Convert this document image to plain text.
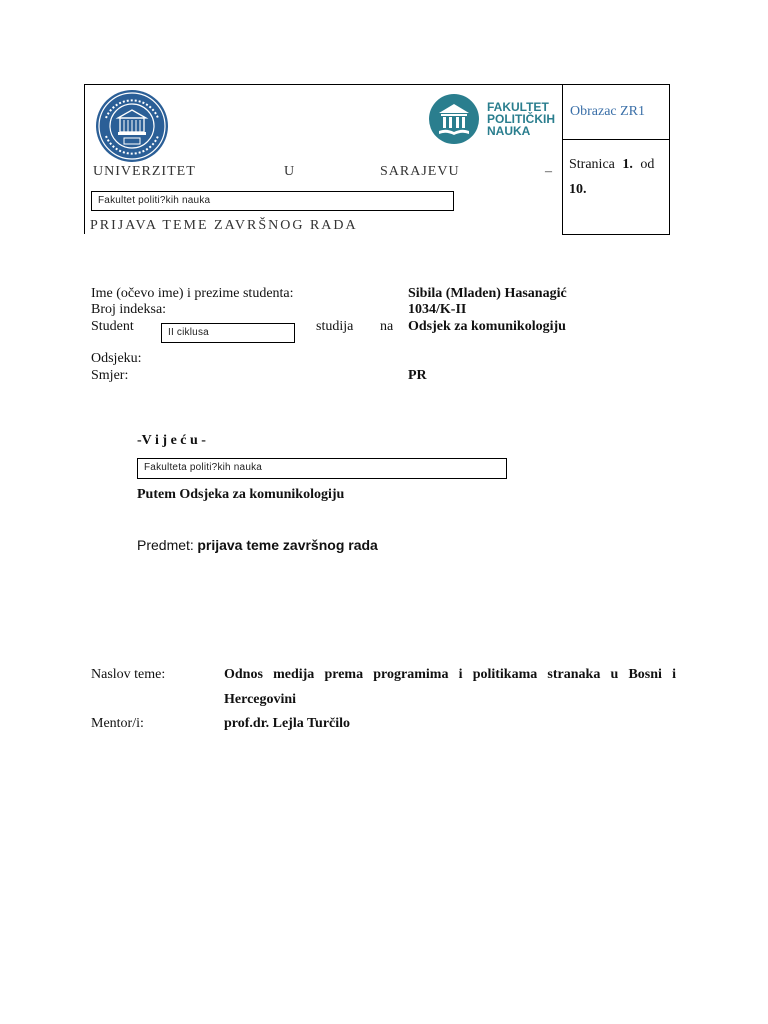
FAKULTET
POLITIČKIH
NAUKA
Obrazac ZR1
Stranica 1. od
10.
UNIVERZITET	U	SARAJEVU	–
Fakultet politi?kih nauka
PRIJAVA TEME ZAVRŠNOG RADA
Ime (očevo ime) i prezime studenta:	Sibila (Mladen) Hasanagić
Broj indeksa:	1034/K-II
Student	II ciklusa	studija na Odsjek za komunikologiju
Odsjeku:
Smjer:	PR
-V i j e ć u -
Fakulteta politi?kih nauka
Putem Odsjeka za komunikologiju
Predmet: prijava teme završnog rada
Naslov teme:	Odnos medija prema programima i politikama stranaka u Bosni i
Hercegovini
Mentor/i:	prof.dr. Lejla Turčilo
